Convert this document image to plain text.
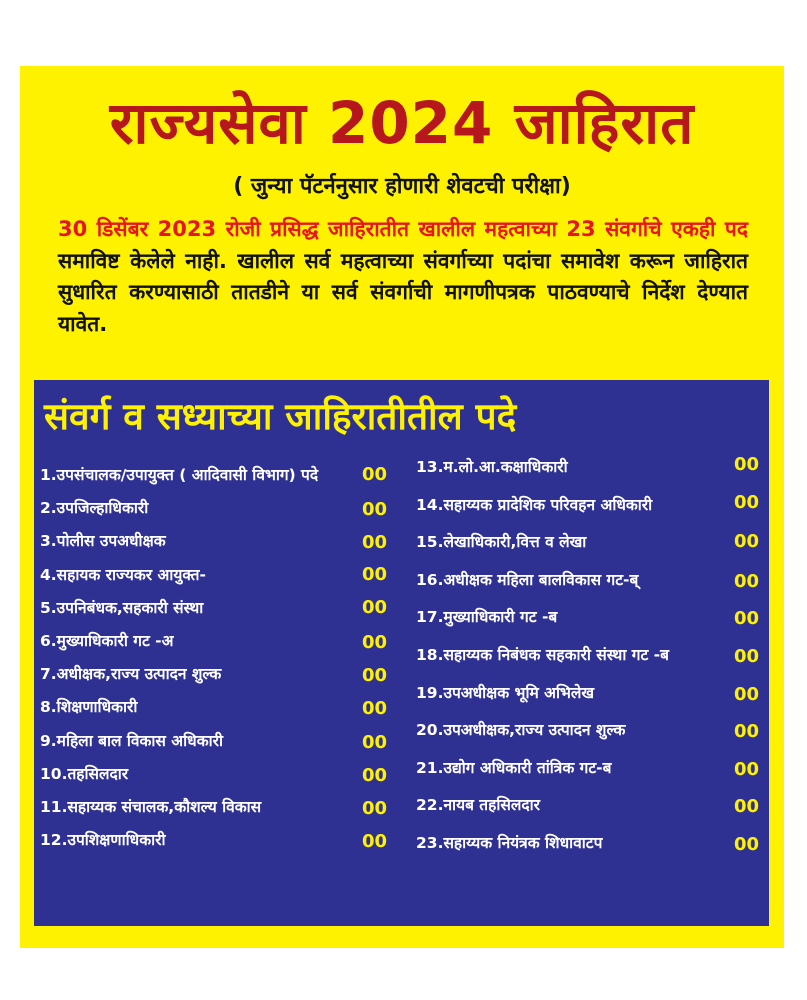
राज्यसेवा 2024 जाहिरात
( जुन्या पॅटर्ननुसार होणारी शेवटची परीक्षा)
30 डिसेंबर 2023 रोजी प्रसिद्ध जाहिरातीत खालील महत्वाच्या 23 संवर्गाचे एकही पद समाविष्ट केलेले नाही. खालील सर्व महत्वाच्या संवर्गाच्या पदांचा समावेश करून जाहिरात सुधारित करण्यासाठी तातडीने या सर्व संवर्गाची मागणीपत्रक पाठवण्याचे निर्देश देण्यात यावेत.
संवर्ग व सध्याच्या जाहिरातीतील पदे
1.उपसंचालक/उपायुक्त ( आदिवासी विभाग) पदे 00
2.उपजिल्हाधिकारी	00
3.पोलीस उपअधीक्षक	00
4.सहायक राज्यकर आयुक्त-	00
5.उपनिबंधक,सहकारी संस्था	00
6.मुख्याधिकारी गट -अ	00
7.अधीक्षक,राज्य उत्पादन शुल्क	00
8.शिक्षणाधिकारी	00
9.महिला बाल विकास अधिकारी	00
10.तहसिलदार	00
11.सहाय्यक संचालक,कौशल्य विकास	00
12.उपशिक्षणाधिकारी	00
13.म.लो.आ.कक्षाधिकारी	00
14.सहाय्यक प्रादेशिक परिवहन अधिकारी	00
15.लेखाधिकारी,वित्त व लेखा	00
16.अधीक्षक महिला बालविकास गट-ब्	00
17.मुख्याधिकारी गट -ब	00
18.सहाय्यक निबंधक सहकारी संस्था गट -ब	00
19.उपअधीक्षक भूमि अभिलेख	00
20.उपअधीक्षक,राज्य उत्पादन शुल्क	00
21.उद्योग अधिकारी तांत्रिक गट-ब	00
22.नायब तहसिलदार	00
23.सहाय्यक नियंत्रक शिधावाटप	00
